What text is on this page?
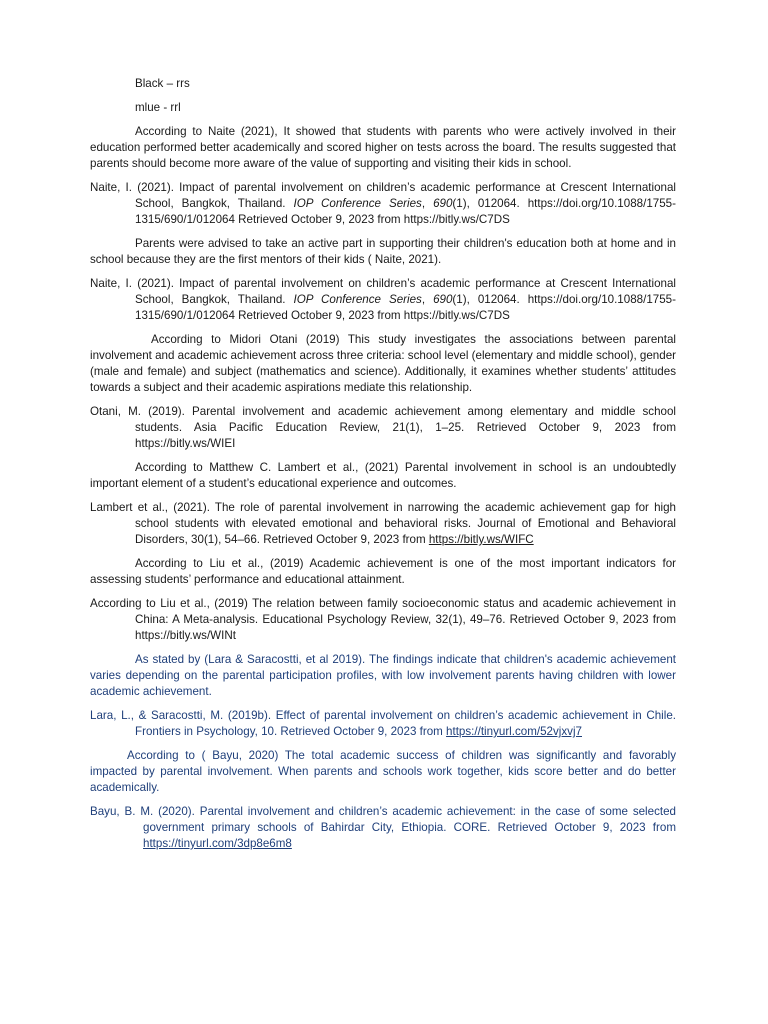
Black – rrs

mlue - rrl

According to Naite (2021), It showed that students with parents who were actively involved in their education performed better academically and scored higher on tests across the board. The results suggested that parents should become more aware of the value of supporting and visiting their kids in school.

Naite, I. (2021). Impact of parental involvement on children’s academic performance at Crescent International School, Bangkok, Thailand. IOP Conference Series, 690(1), 012064. https://doi.org/10.1088/1755-1315/690/1/012064 Retrieved October 9, 2023 from https://bitly.ws/C7DS

Parents were advised to take an active part in supporting their children's education both at home and in school because they are the first mentors of their kids ( Naite, 2021).

Naite, I. (2021). Impact of parental involvement on children’s academic performance at Crescent International School, Bangkok, Thailand. IOP Conference Series, 690(1), 012064. https://doi.org/10.1088/1755-1315/690/1/012064 Retrieved October 9, 2023 from https://bitly.ws/C7DS

According to Midori Otani (2019) This study investigates the associations between parental involvement and academic achievement across three criteria: school level (elementary and middle school), gender (male and female) and subject (mathematics and science). Additionally, it examines whether students’ attitudes towards a subject and their academic aspirations mediate this relationship.

Otani, M. (2019). Parental involvement and academic achievement among elementary and middle school students. Asia Pacific Education Review, 21(1), 1–25. Retrieved October 9, 2023 from https://bitly.ws/WIEI

According to Matthew C. Lambert et al., (2021) Parental involvement in school is an undoubtedly important element of a student’s educational experience and outcomes.

Lambert et al., (2021). The role of parental involvement in narrowing the academic achievement gap for high school students with elevated emotional and behavioral risks. Journal of Emotional and Behavioral Disorders, 30(1), 54–66. Retrieved October 9, 2023 from https://bitly.ws/WIFC

According to Liu et al., (2019) Academic achievement is one of the most important indicators for assessing students’ performance and educational attainment.

According to Liu et al., (2019) The relation between family socioeconomic status and academic achievement in China: A Meta-analysis. Educational Psychology Review, 32(1), 49–76. Retrieved October 9, 2023 from https://bitly.ws/WINt

As stated by (Lara & Saracostti, et al 2019). The findings indicate that children's academic achievement varies depending on the parental participation profiles, with low involvement parents having children with lower academic achievement.

Lara, L., & Saracostti, M. (2019b). Effect of parental involvement on children’s academic achievement in Chile. Frontiers in Psychology, 10. Retrieved October 9, 2023 from https://tinyurl.com/52vjxvj7

According to ( Bayu, 2020) The total academic success of children was significantly and favorably impacted by parental involvement. When parents and schools work together, kids score better and do better academically.

Bayu, B. M. (2020). Parental involvement and children’s academic achievement: in the case of some selected government primary schools of Bahirdar City, Ethiopia. CORE. Retrieved October 9, 2023 from https://tinyurl.com/3dp8e6m8
